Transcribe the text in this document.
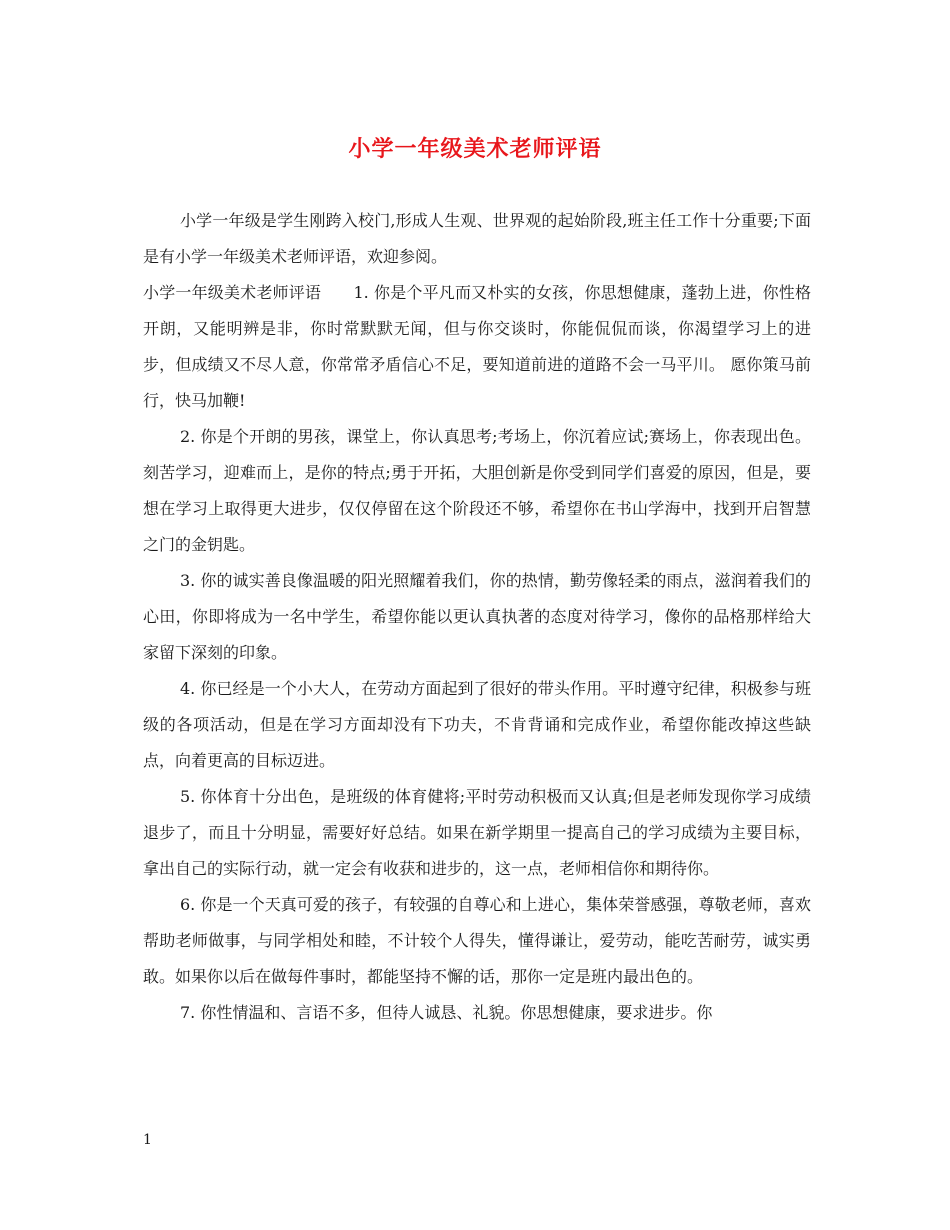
小学一年级美术老师评语

小学一年级是学生刚跨入校门,形成人生观、世界观的起始阶段,班主任工作十分重要;下面是有小学一年级美术老师评语，欢迎参阅。

小学一年级美术老师评语　　1. 你是个平凡而又朴实的女孩，你思想健康，蓬勃上进，你性格开朗，又能明辨是非，你时常默默无闻，但与你交谈时，你能侃侃而谈，你渴望学习上的进步，但成绩又不尽人意，你常常矛盾信心不足，要知道前进的道路不会一马平川。 愿你策马前行，快马加鞭!

2. 你是个开朗的男孩，课堂上，你认真思考;考场上，你沉着应试;赛场上，你表现出色。刻苦学习，迎难而上，是你的特点;勇于开拓，大胆创新是你受到同学们喜爱的原因，但是，要想在学习上取得更大进步，仅仅停留在这个阶段还不够，希望你在书山学海中，找到开启智慧之门的金钥匙。

3. 你的诚实善良像温暖的阳光照耀着我们，你的热情，勤劳像轻柔的雨点，滋润着我们的心田，你即将成为一名中学生，希望你能以更认真执著的态度对待学习，像你的品格那样给大家留下深刻的印象。

4. 你已经是一个小大人，在劳动方面起到了很好的带头作用。平时遵守纪律，积极参与班级的各项活动，但是在学习方面却没有下功夫，不肯背诵和完成作业，希望你能改掉这些缺点，向着更高的目标迈进。

5. 你体育十分出色，是班级的体育健将;平时劳动积极而又认真;但是老师发现你学习成绩退步了，而且十分明显，需要好好总结。如果在新学期里一提高自己的学习成绩为主要目标，拿出自己的实际行动，就一定会有收获和进步的，这一点，老师相信你和期待你。

6. 你是一个天真可爱的孩子，有较强的自尊心和上进心，集体荣誉感强，尊敬老师，喜欢帮助老师做事，与同学相处和睦，不计较个人得失，懂得谦让，爱劳动，能吃苦耐劳，诚实勇敢。如果你以后在做每件事时，都能坚持不懈的话，那你一定是班内最出色的。

7. 你性情温和、言语不多，但待人诚恳、礼貌。你思想健康，要求进步。你

1
